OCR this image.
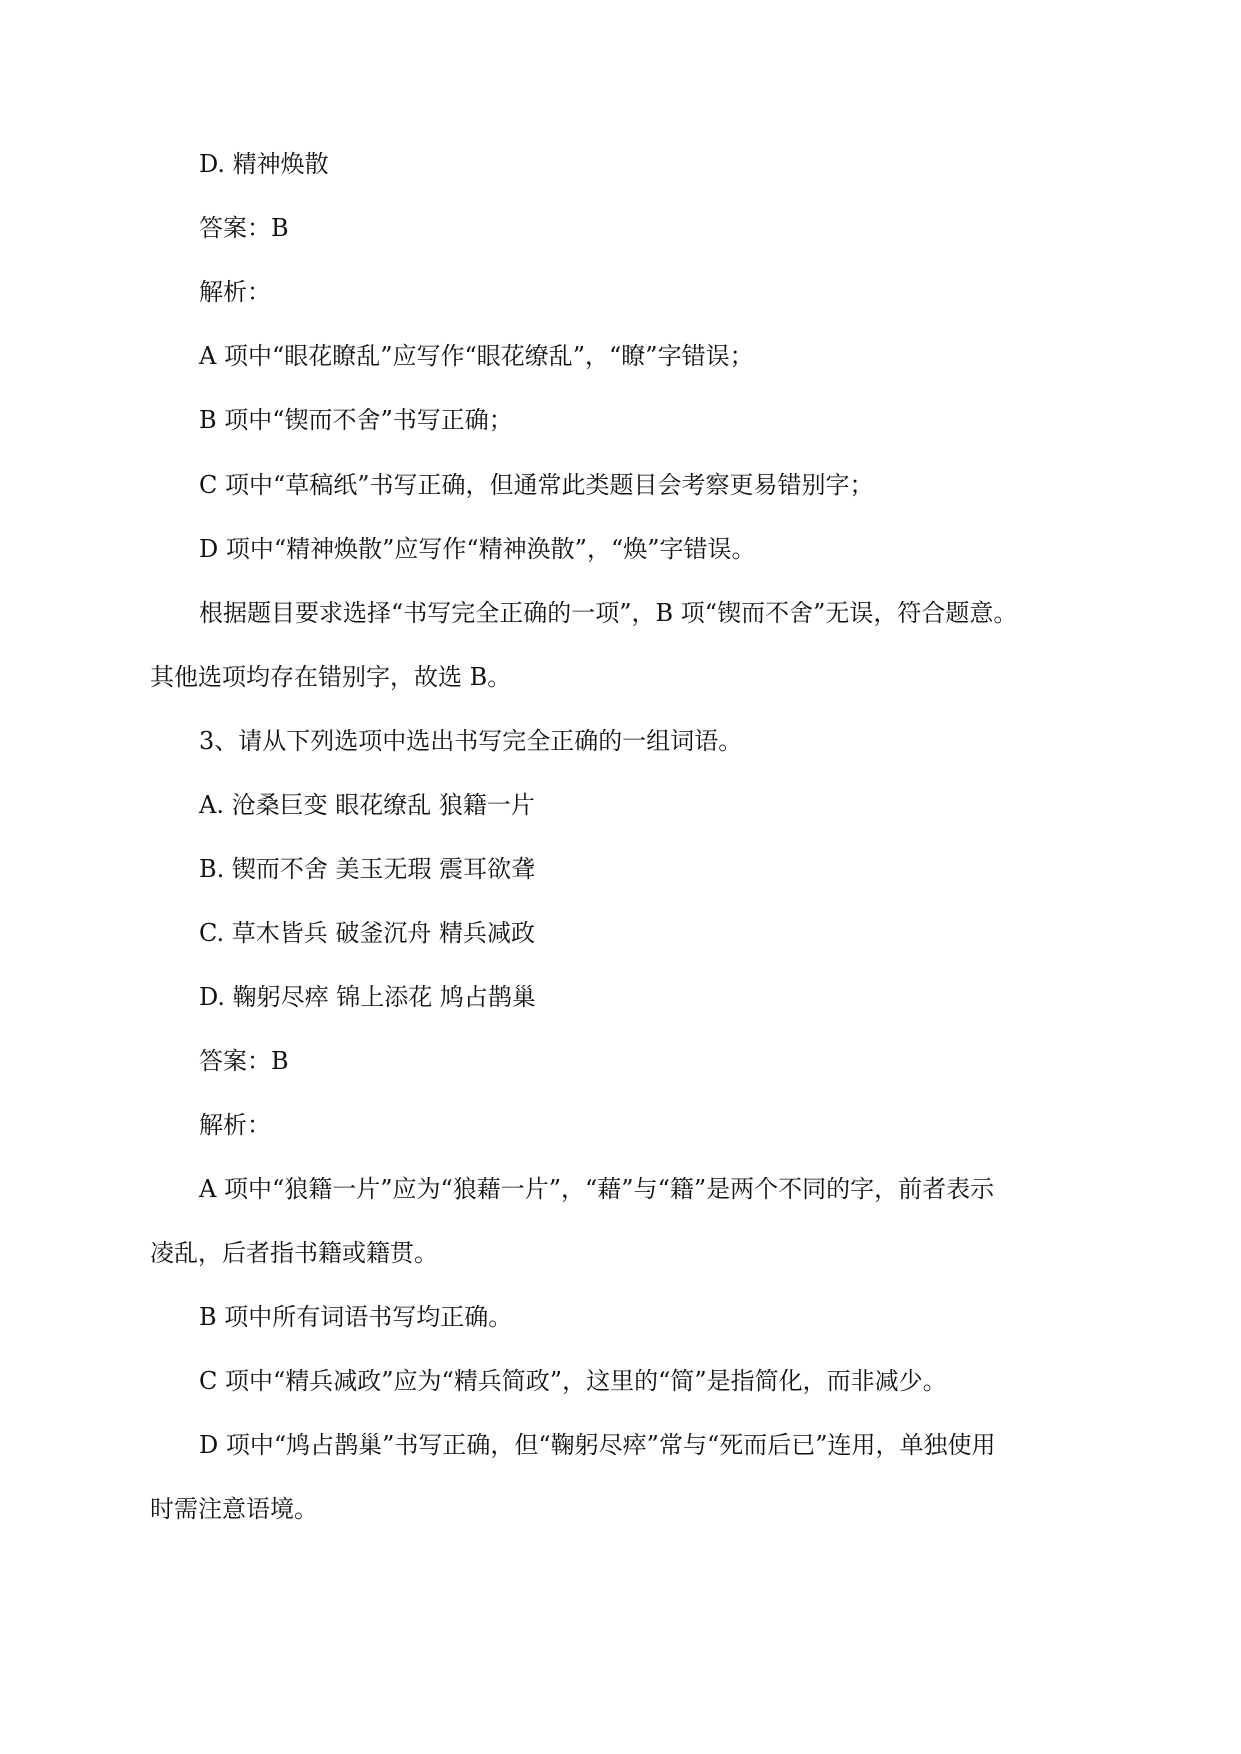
D. 精神焕散

答案：B

解析：

A 项中“眼花瞭乱”应写作“眼花缭乱”，“瞭”字错误；

B 项中“锲而不舍”书写正确；

C 项中“草稿纸”书写正确，但通常此类题目会考察更易错别字；

D 项中“精神焕散”应写作“精神涣散”，“焕”字错误。

根据题目要求选择“书写完全正确的一项”，B 项“锲而不舍”无误，符合题意。

其他选项均存在错别字，故选 B。

3、请从下列选项中选出书写完全正确的一组词语。

A. 沧桑巨变 眼花缭乱 狼籍一片

B. 锲而不舍 美玉无瑕 震耳欲聋

C. 草木皆兵 破釜沉舟 精兵减政

D. 鞠躬尽瘁 锦上添花 鸠占鹊巢

答案：B

解析：

A 项中“狼籍一片”应为“狼藉一片”，“藉”与“籍”是两个不同的字，前者表示

凌乱，后者指书籍或籍贯。

B 项中所有词语书写均正确。

C 项中“精兵减政”应为“精兵简政”，这里的“简”是指简化，而非减少。

D 项中“鸠占鹊巢”书写正确，但“鞠躬尽瘁”常与“死而后已”连用，单独使用

时需注意语境。
